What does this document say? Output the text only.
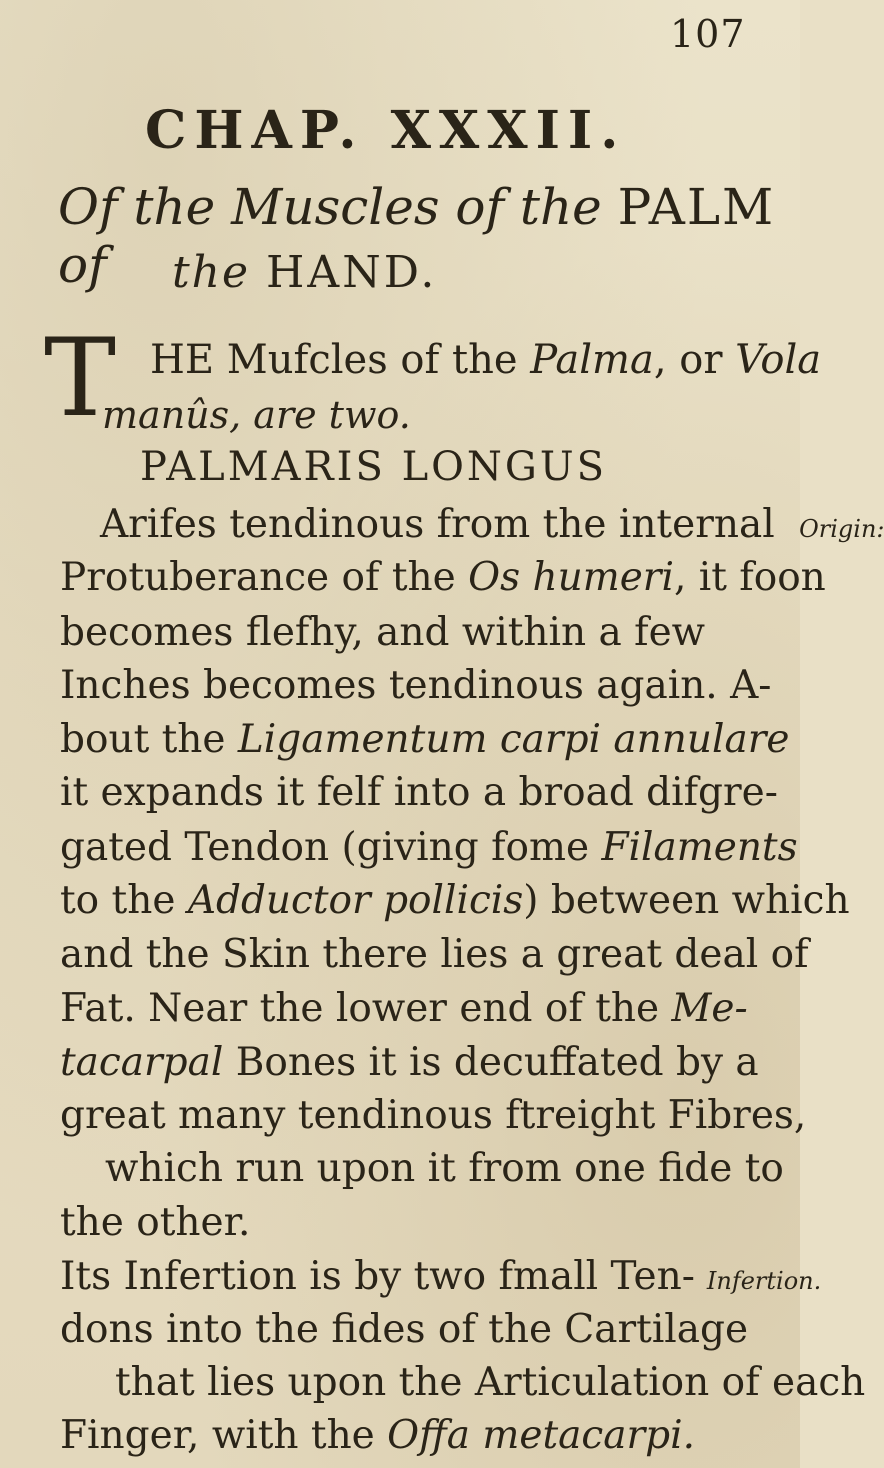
107
CHAP. XXXII.
Of the Muscles of the PALM of	the HAND.
T HE Mufcles of the Palma, or Vola
manûs, are two.
PALMARIS LONGUS
Arifes tendinous from the internal Origin:
Protuberance of the Os humeri, it foon
becomes flefhy, and within a few
Inches becomes tendinous again. A-
bout the Ligamentum carpi annulare
it expands it felf into a broad difgre-
gated Tendon (giving fome Filaments
to the Adductor pollicis) between which
and the Skin there lies a great deal of
Fat. Near the lower end of the Me-
tacarpal Bones it is decuffated by a
great many tendinous ftreight Fibres,
which run upon it from one fide to
the other.
Its Infertion is by two fmall Ten- Infertion.
dons into the fides of the Cartilage
that lies upon the Articulation of each
Finger, with the Offa metacarpi.
